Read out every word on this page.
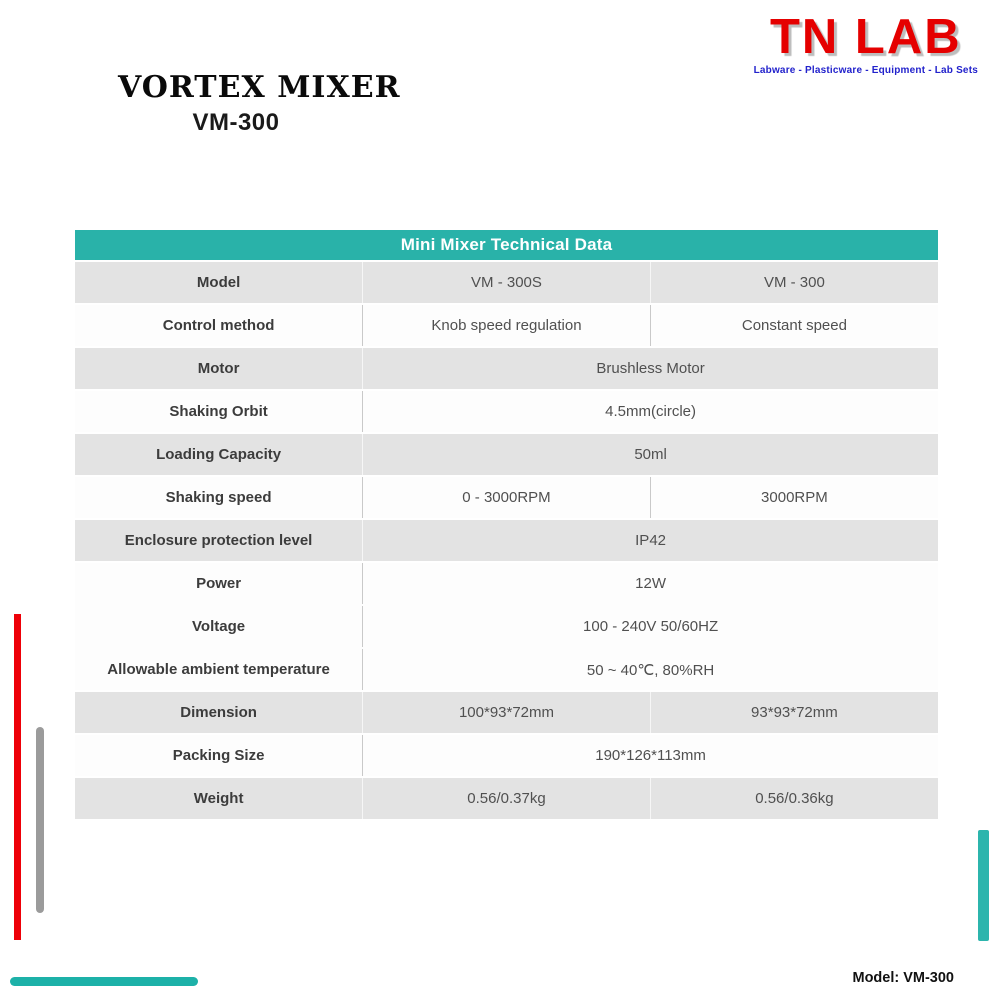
VORTEX MIXER
VM-300
TN LAB
Labware - Plasticware - Equipment - Lab Sets
Mini Mixer Technical Data		
Model	VM - 300S	VM - 300
Control method	Knob speed regulation	Constant speed
Motor	Brushless Motor	
Shaking Orbit	4.5mm(circle)	
Loading Capacity	50ml	
Shaking speed	0 - 3000RPM	3000RPM
Enclosure protection level	IP42	
Power	12W	
Voltage	100 - 240V 50/60HZ	
Allowable ambient temperature	50 ~ 40℃, 80%RH	
Dimension	100*93*72mm	93*93*72mm
Packing Size	190*126*113mm	
Weight	0.56/0.37kg	0.56/0.36kg
Model: VM-300
